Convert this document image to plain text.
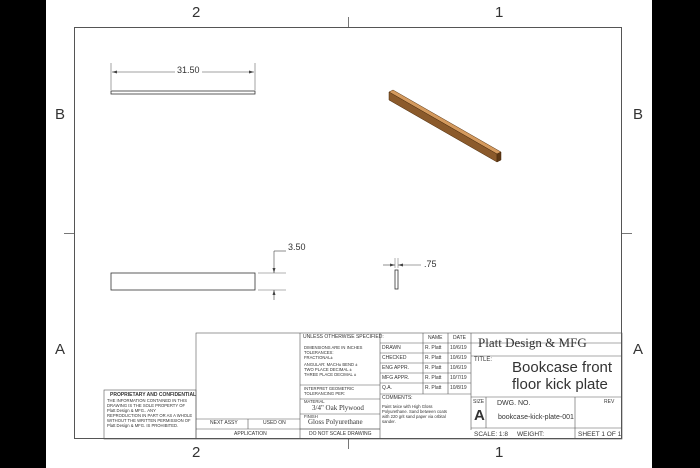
2	1
2	1
B
A
B
A
31.50
3.50
.75
UNLESS OTHERWISE SPECIFIED:
DIMENSIONS ARE IN INCHES
TOLERANCES:
FRACTIONAL±
ANGULAR: MACH± BEND ±
TWO PLACE DECIMAL ±
THREE PLACE DECIMAL ±
INTERPRET GEOMETRIC
TOLERANCING PER:
MATERIAL
3/4" Oak Plywood
FINISH
Gloss Polyurethane
DO NOT SCALE DRAWING
NAME DATE
DRAWN	R. Platt 10/6/19
CHECKED	R. Platt 10/6/19
ENG APPR.	R. Platt 10/6/19
MFG APPR.	R. Platt 10/7/19
Q.A.	R. Platt 10/8/19
COMMENTS:
Paint twice with High Gloss
Polyurethane. Sand between coats
with 220 grit sand paper via orbital
sander.
Platt Design & MFG
TITLE: Bookcase front
floor kick plate
SIZE
A
DWG. NO.
bookcase-kick-plate-001
REV
SCALE: 1:8 WEIGHT:	SHEET 1 OF 1
NEXT ASSY	USED ON
APPLICATION
PROPRIETARY AND CONFIDENTIAL
THE INFORMATION CONTAINED IN THIS
DRAWING IS THE SOLE PROPERTY OF
Platt Design & MFG.. ANY
REPRODUCTION IN PART OR AS A WHOLE
WITHOUT THE WRITTEN PERMISSION OF
Platt Design & MFG. IS PROHIBITED.
